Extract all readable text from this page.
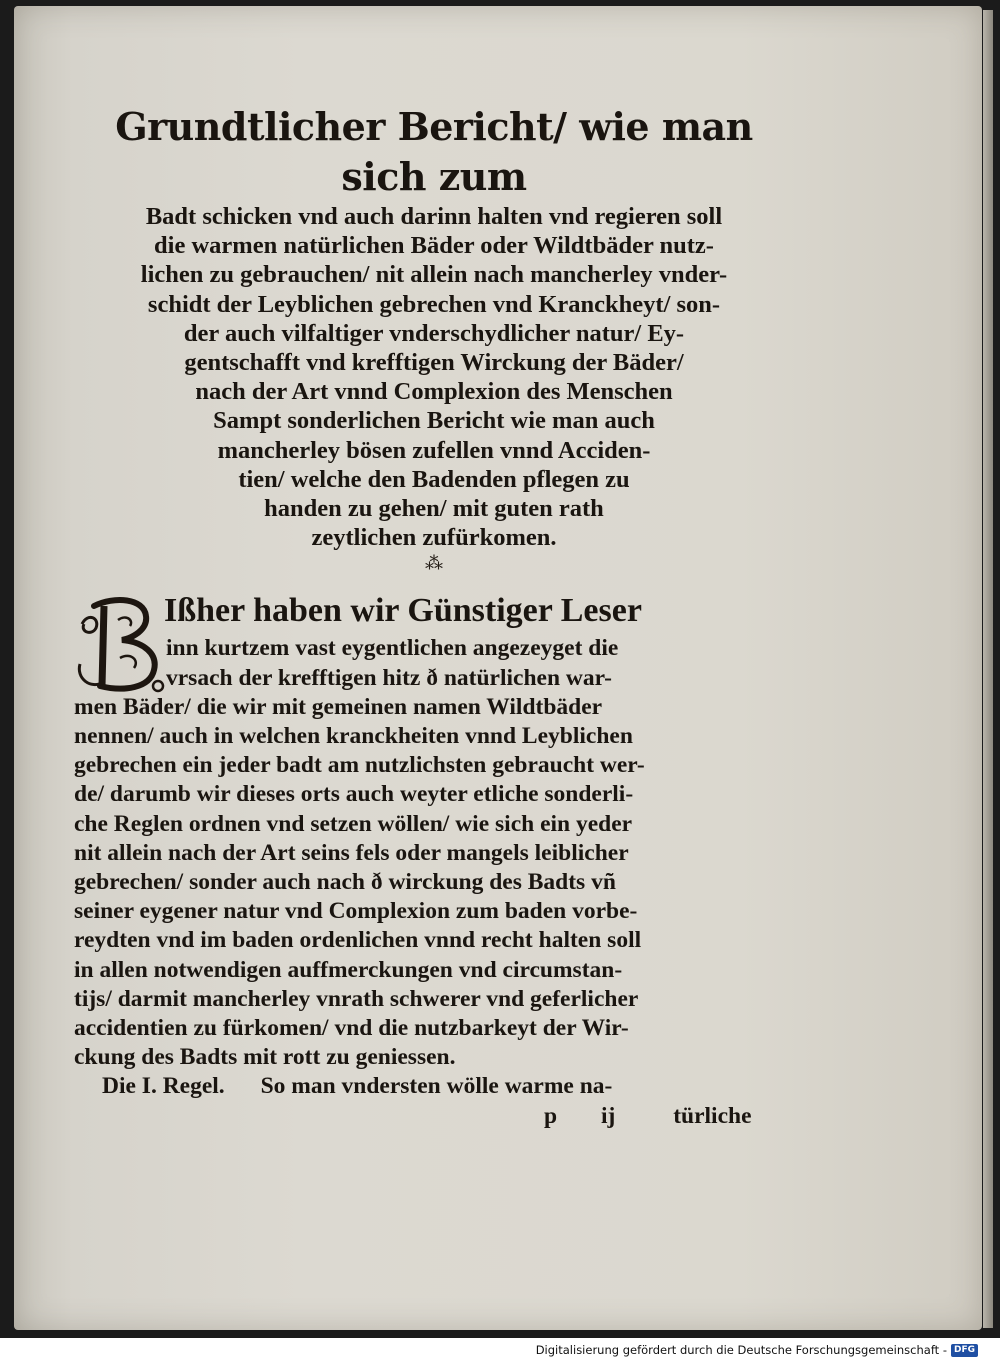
Grundtlicher Bericht/ wie man sich zum
Badt schicken vnd auch darinn halten vnd regieren soll
die warmen natürlichen Bäder oder Wildtbäder nutz-
lichen zu gebrauchen/ nit allein nach mancherley vnder-
schidt der Leyblichen gebrechen vnd Kranckheyt/ son-
der auch vilfaltiger vnderschydlicher natur/ Ey-
gentschafft vnd krefftigen Wirckung der Bäder/
nach der Art vnnd Complexion des Menschen
Sampt sonderlichen Bericht wie man auch
mancherley bösen zufellen vnnd Acciden-
tien/ welche den Badenden pflegen zu
handen zu gehen/ mit guten rath
zeytlichen zufürkomen.
⁂
Ißher haben wir Günstiger Leser
inn kurtzem vast eygentlichen angezeyget die
vrsach der krefftigen hitz ð natürlichen war-
men Bäder/ die wir mit gemeinen namen Wildtbäder
nennen/ auch in welchen kranckheiten vnnd Leyblichen
gebrechen ein jeder badt am nutzlichsten gebraucht wer-
de/ darumb wir dieses orts auch weyter etliche sonderli-
che Reglen ordnen vnd setzen wöllen/ wie sich ein yeder
nit allein nach der Art seins fels oder mangels leiblicher
gebrechen/ sonder auch nach ð wirckung des Badts vñ
seiner eygener natur vnd Complexion zum baden vorbe-
reydten vnd im baden ordenlichen vnnd recht halten soll
in allen notwendigen auffmerckungen vnd circumstan-
tijs/ darmit mancherley vnrath schwerer vnd geferlicher
accidentien zu fürkomen/ vnd die nutzbarkeyt der Wir-
ckung des Badts mit rott zu geniessen.
Die I. Regel. So man vndersten wölle warme na-
p ij türliche
Digitalisierung gefördert durch die Deutsche Forschungsgemeinschaft - DFG
